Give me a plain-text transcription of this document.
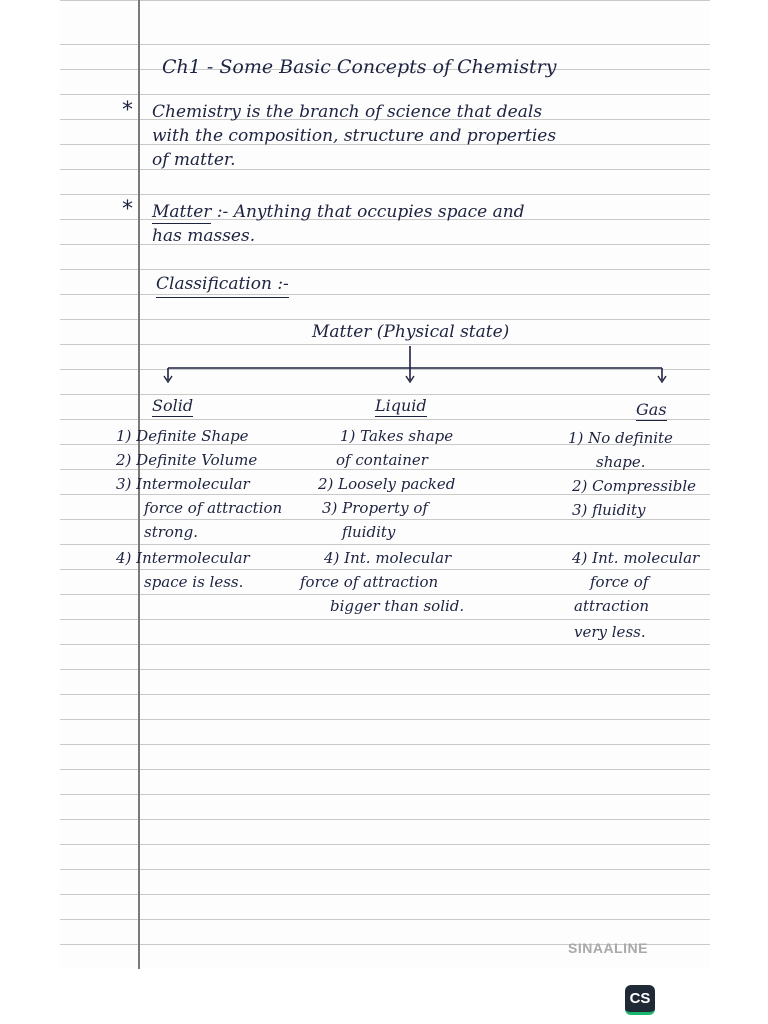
Ch1 - Some Basic Concepts of Chemistry
* Chemistry is the branch of science that deals
with the composition, structure and properties
of matter.
* Matter :- Anything that occupies space and
has masses.
Classification :-
Matter (Physical state)
Solid	Liquid	Gas
1) Definite Shape
2) Definite Volume
3) Intermolecular
force of attraction
strong.
4) Intermolecular
space is less.
1) Takes shape
of container
2) Loosely packed
3) Property of
fluidity
4) Int. molecular
force of attraction
bigger than solid.
1) No definite
shape.
2) Compressible
3) fluidity
4) Int. molecular
force of
attraction
very less.
SINAALINE
CS
